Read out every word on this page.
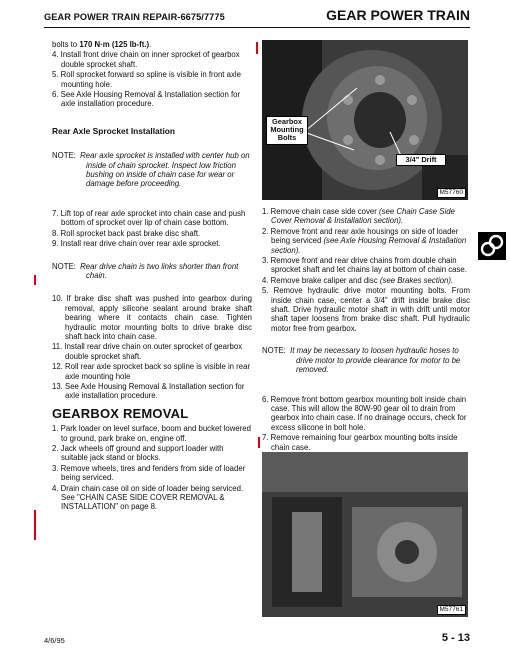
GEAR POWER TRAIN REPAIR-6675/7775	GEAR POWER TRAIN

bolts to 170 N·m (125 lb-ft.).

4. Install front drive chain on inner sprocket of gearbox double sprocket shaft.

5. Roll sprocket forward so spline is visible in front axle mounting hole.

6. See Axle Housing Removal & Installation section for axle installation procedure.

Rear Axle Sprocket Installation

NOTE: Rear axle sprocket is installed with center hub on inside of chain sprocket. Inspect low friction bushing on inside of chain case for wear or damage before proceeding.

7. Lift top of rear axle sprocket into chain case and push bottom of sprocket over lip of chain case bottom.

8. Roll sprocket back past brake disc shaft.

9. Install rear drive chain over rear axle sprocket.

NOTE: Rear drive chain is two links shorter than front chain.

10. If brake disc shaft was pushed into gearbox during removal, apply silicone sealant around brake shaft bearing where it contacts chain case. Tighten hydraulic motor mounting bolts to drive brake disc shaft back into chain case.

11. Install rear drive chain on outer sprocket of gearbox double sprocket shaft.

12. Roll rear axle sprocket back so spline is visible in rear axle mounting hole

13. See Axle Housing Removal & Installation section for axle installation procedure.

GEARBOX REMOVAL

1. Park loader on level surface, boom and bucket lowered to ground, park brake on, engine off.

2. Jack wheels off ground and support loader with suitable jack stand or blocks.

3. Remove wheels, tires and fenders from side of loader being serviced.

4. Drain chain case oil on side of loader being serviced. See "CHAIN CASE SIDE COVER REMOVAL & INSTALLATION" on page 8.

Gearbox Mounting Bolts
3/4" Drift
M57760

1. Remove chain case side cover (see Chain Case Side Cover Removal & Installation section).

2. Remove front and rear axle housings on side of loader being serviced (see Axle Housing Removal & Installation section).

3. Remove front and rear drive chains from double chain sprocket shaft and let chains lay at bottom of chain case.

4. Remove brake caliper and disc (see Brakes section).

5. Remove hydraulic drive motor mounting bolts. From inside chain case, center a 3/4" drift inside brake disc shaft. Drive hydraulic motor shaft in with drift until motor shaft taper loosens from brake disc shaft. Pull hydraulic motor free from gearbox.

NOTE: It may be necessary to loosen hydraulic hoses to drive motor to provide clearance for motor to be removed.

6. Remove front bottom gearbox mounting bolt inside chain case. This will allow the 80W-90 gear oil to drain from gearbox into chain case. If no drainage occurs, check for excess silicone in bolt hole.

7. Remove remaining four gearbox mounting bolts inside chain case.

M57761
4/6/95	5 - 13
